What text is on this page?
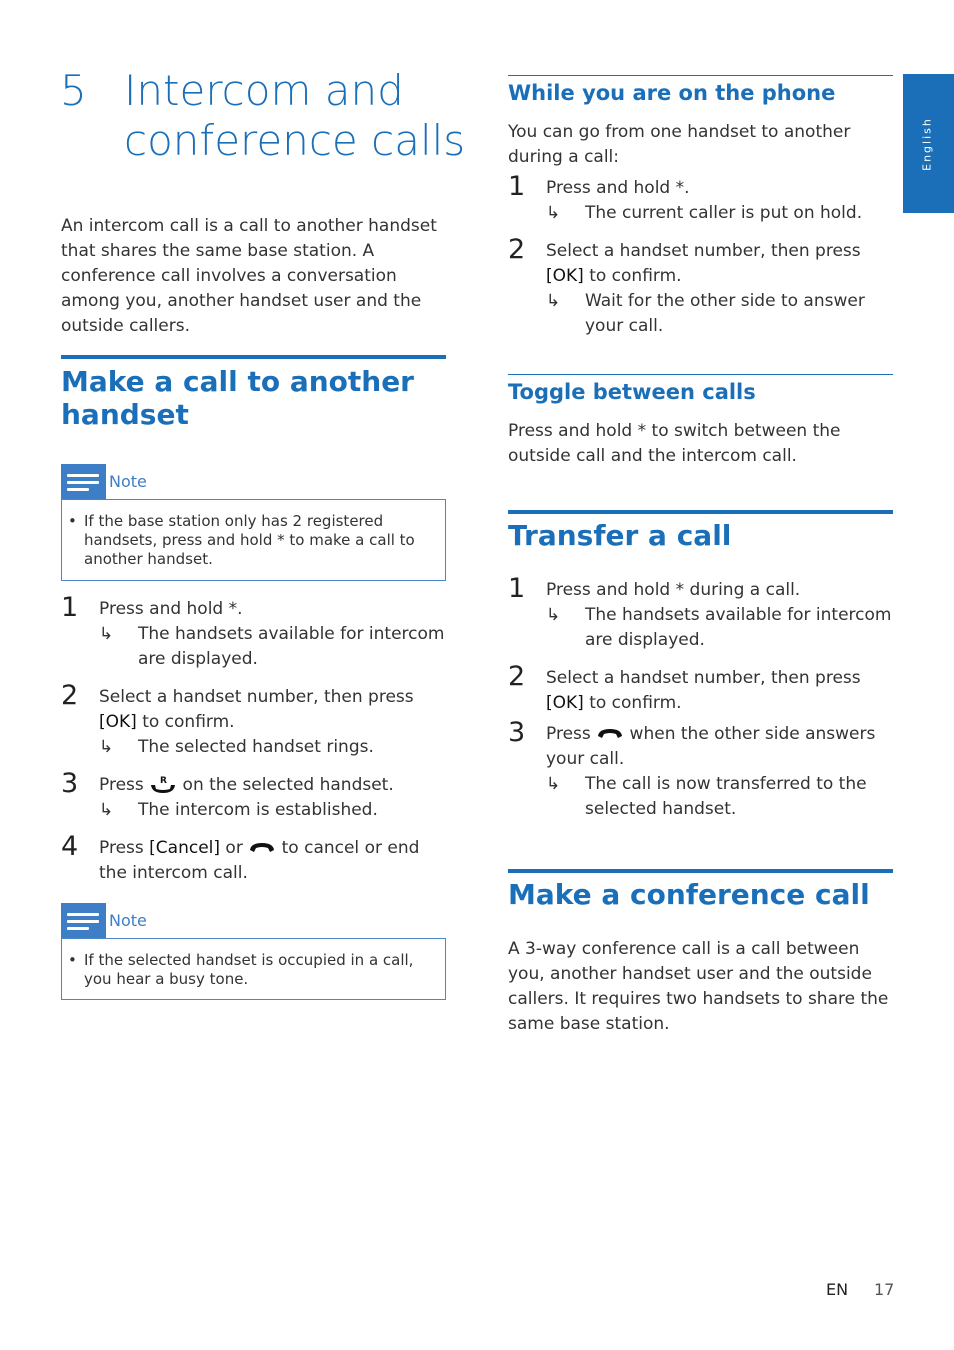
English
5 Intercom and conference calls

An intercom call is a call to another handset that shares the same base station. A conference call involves a conversation among you, another handset user and the outside callers.

Make a call to another handset
Note
• If the base station only has 2 registered handsets, press and hold * to make a call to another handset.
1 Press and hold *.
↳ The handsets available for intercom are displayed.
2 Select a handset number, then press [OK] to confirm.
↳ The selected handset rings.
3 Press R on the selected handset.
↳ The intercom is established.
4 Press [Cancel] or  to cancel or end the intercom call.
Note
• If the selected handset is occupied in a call, you hear a busy tone.
While you are on the phone

You can go from one handset to another during a call:

1 Press and hold *.
↳ The current caller is put on hold.
2 Select a handset number, then press [OK] to confirm.
↳ Wait for the other side to answer your call.
Toggle between calls

Press and hold * to switch between the outside call and the intercom call.

Transfer a call
1 Press and hold * during a call.
↳ The handsets available for intercom are displayed.
2 Select a handset number, then press [OK] to confirm.
3 Press  when the other side answers your call.
↳ The call is now transferred to the selected handset.
Make a conference call

A 3-way conference call is a call between you, another handset user and the outside callers. It requires two handsets to share the same base station.

EN 17
